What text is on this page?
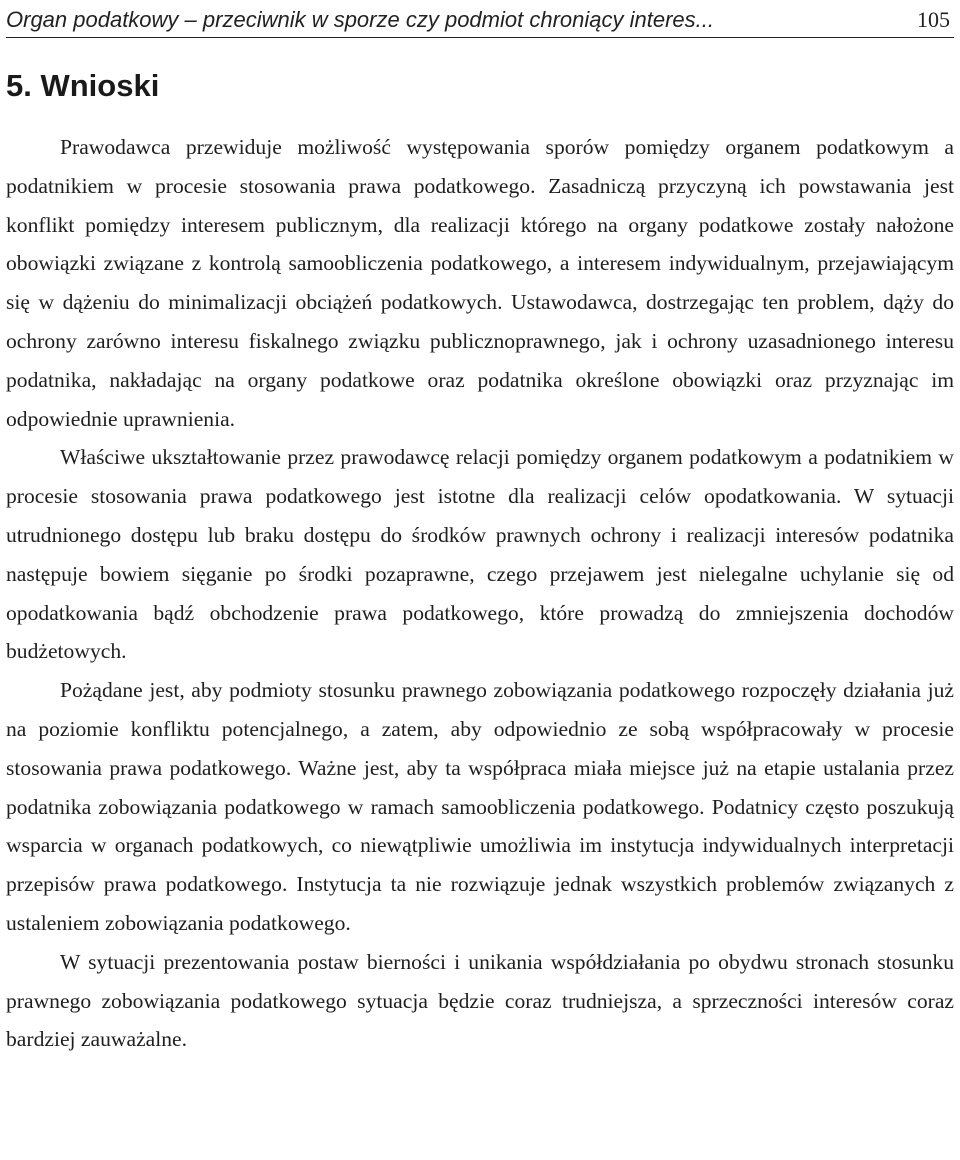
Organ podatkowy – przeciwnik w sporze czy podmiot chroniący interes...	105
5. Wnioski

Prawodawca przewiduje możliwość występowania sporów pomiędzy organem podatkowym a podatnikiem w procesie stosowania prawa podatkowego. Zasadniczą przyczyną ich powstawania jest konflikt pomiędzy interesem publicznym, dla realizacji którego na organy podatkowe zostały nałożone obowiązki związane z kontrolą samoobliczenia podatkowego, a interesem indywidualnym, przejawiającym się w dążeniu do minimalizacji obciążeń podatkowych. Ustawodawca, dostrzegając ten problem, dąży do ochrony zarówno interesu fiskalnego związku publicznoprawnego, jak i ochrony uzasadnionego interesu podatnika, nakładając na organy podatkowe oraz podatnika określone obowiązki oraz przyznając im odpowiednie uprawnienia.

Właściwe ukształtowanie przez prawodawcę relacji pomiędzy organem podatkowym a podatnikiem w procesie stosowania prawa podatkowego jest istotne dla realizacji celów opodatkowania. W sytuacji utrudnionego dostępu lub braku dostępu do środków prawnych ochrony i realizacji interesów podatnika następuje bowiem sięganie po środki pozaprawne, czego przejawem jest nielegalne uchylanie się od opodatkowania bądź obchodzenie prawa podatkowego, które prowadzą do zmniejszenia dochodów budżetowych.

Pożądane jest, aby podmioty stosunku prawnego zobowiązania podatkowego rozpoczęły działania już na poziomie konfliktu potencjalnego, a zatem, aby odpowiednio ze sobą współpracowały w procesie stosowania prawa podatkowego. Ważne jest, aby ta współpraca miała miejsce już na etapie ustalania przez podatnika zobowiązania podatkowego w ramach samoobliczenia podatkowego. Podatnicy często poszukują wsparcia w organach podatkowych, co niewątpliwie umożliwia im instytucja indywidualnych interpretacji przepisów prawa podatkowego. Instytucja ta nie rozwiązuje jednak wszystkich problemów związanych z ustaleniem zobowiązania podatkowego.

W sytuacji prezentowania postaw bierności i unikania współdziałania po obydwu stronach stosunku prawnego zobowiązania podatkowego sytuacja będzie coraz trudniejsza, a sprzeczności interesów coraz bardziej zauważalne.
